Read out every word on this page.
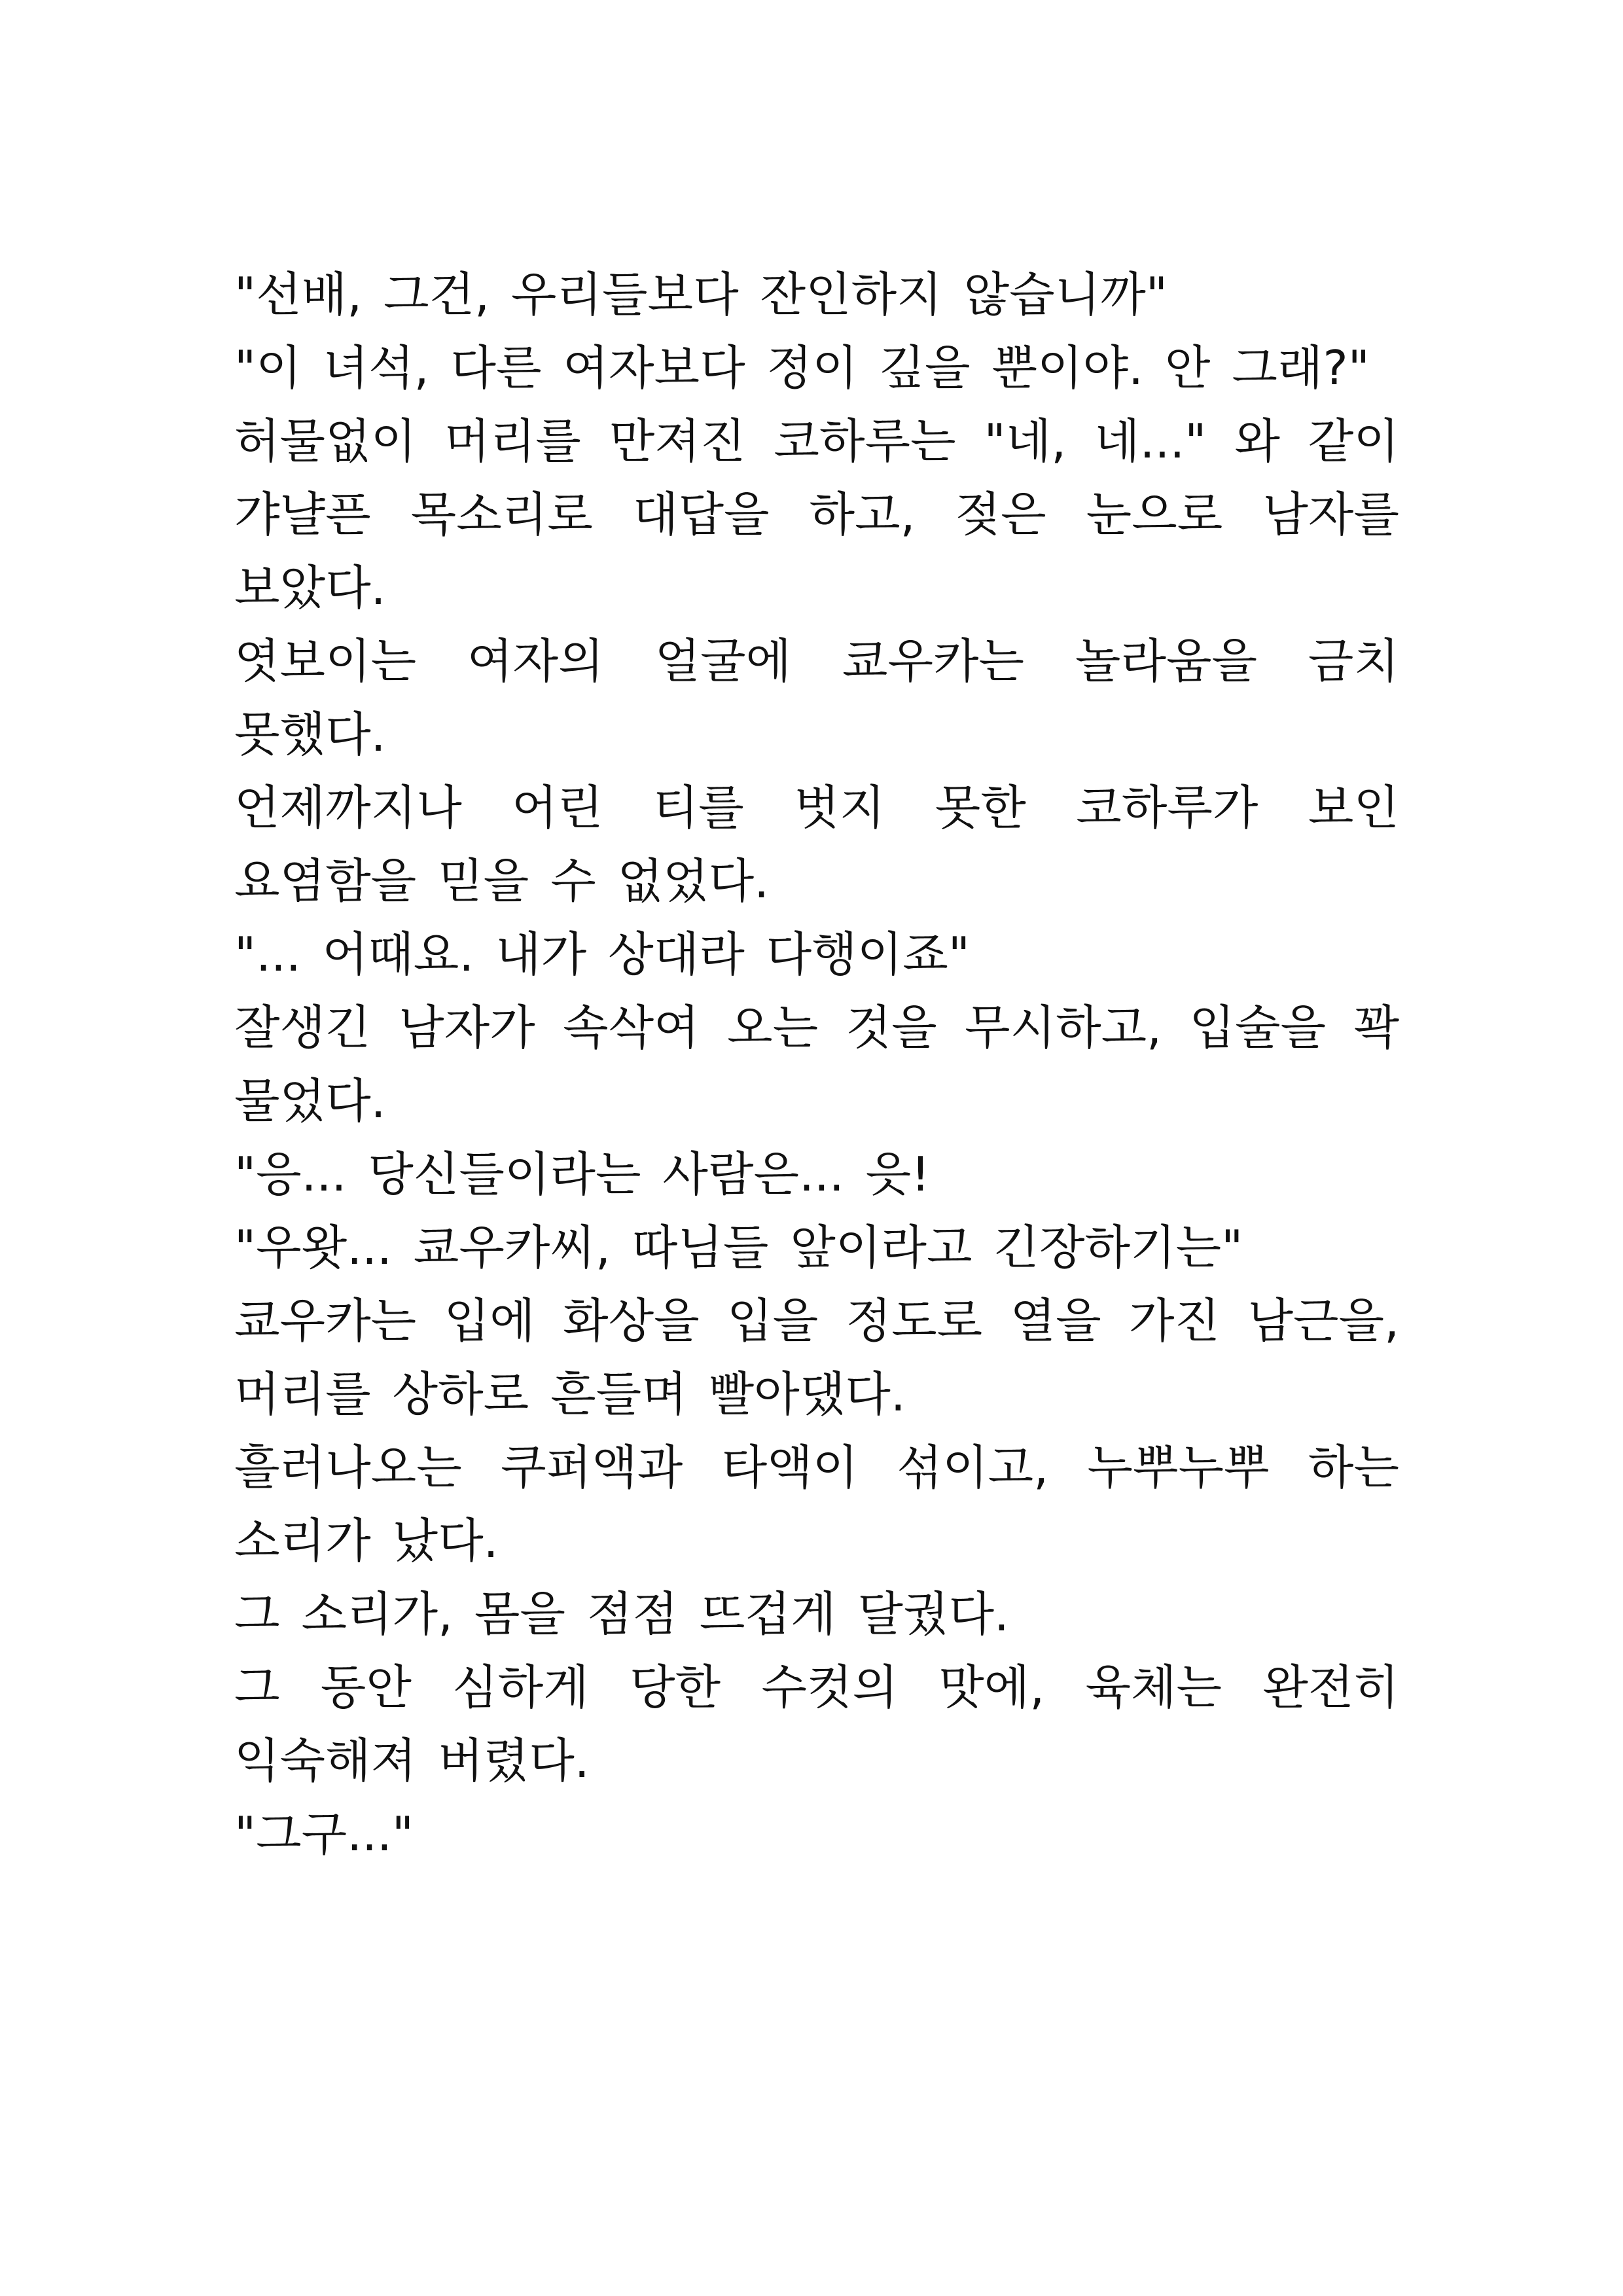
"선배, 그건, 우리들보다 잔인하지 않습니까"

"이 녀석, 다른 여자보다 정이 깊을 뿐이야. 안 그래?"

허물없이 머리를 만져진 코하루는 "네, 네..." 와 같이 갸냘픈 목소리로 대답을 하고, 젖은 눈으로 남자를 보았다.

엿보이는 여자의 얼굴에 쿄우카는 놀라움을 금치 못했다.

언제까지나 어린 티를 벗지 못한 코하루가 보인 요염함을 믿을 수 없었다.

"... 어때요. 내가 상대라 다행이죠"

잘생긴 남자가 속삭여 오는 것을 무시하고, 입술을 꽉 물었다.

"응... 당신들이라는 사람은... 읏!

"우왓... 쿄우카씨, 따님들 앞이라고 긴장하기는"

쿄우카는 입에 화상을 입을 정도로 열을 가진 남근을, 머리를 상하로 흔들며 빨아댔다.

흘러나오는 쿠퍼액과 타액이 섞이고, 누뿌누뿌 하는 소리가 났다.

그 소리가, 몸을 점점 뜨겁게 달궜다.

그 동안 심하게 당한 수컷의 맛에, 육체는 완전히 익숙해져 버렸다.

"그구..."
